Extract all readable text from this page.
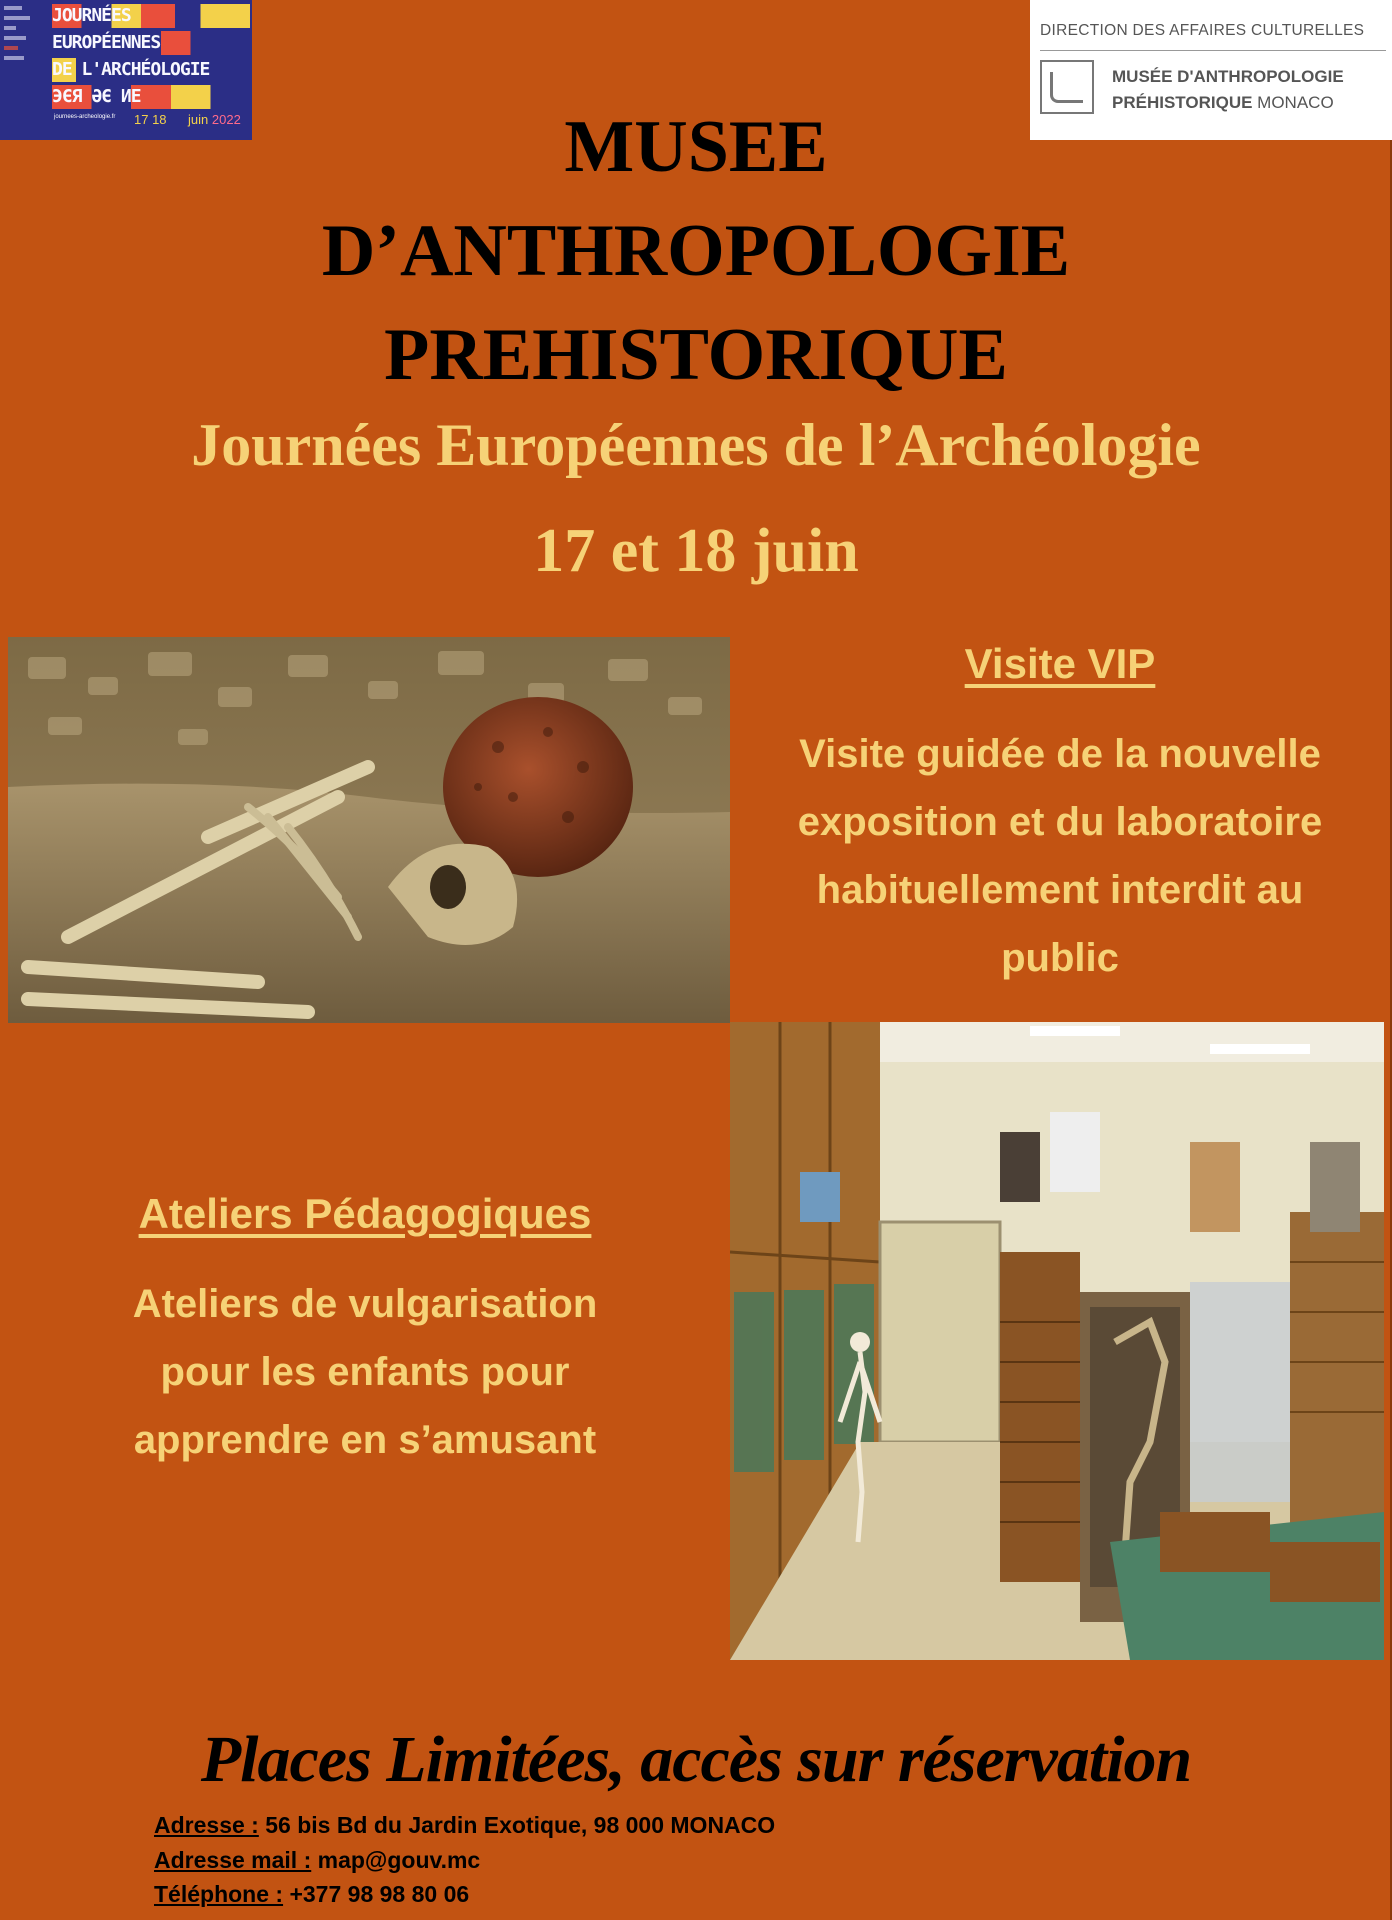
JOURNÉES
EUROPÉENNES
DE L'ARCHÉOLOGIE
ЭЄЯ ӘЄ ИЕ
journees-archeologie.fr 17 18 juin 2022
DIRECTION DES AFFAIRES CULTURELLES
MUSÉE D'ANTHROPOLOGIE
PRÉHISTORIQUE MONACO
MUSEE
D’ANTHROPOLOGIE
PREHISTORIQUE
Journées Européennes de l’Archéologie
17 et 18 juin
Visite VIP
Visite guidée de la nouvelle
exposition et du laboratoire
habituellement interdit au
public
Ateliers Pédagogiques
Ateliers de vulgarisation
pour les enfants pour
apprendre en s’amusant
Places Limitées, accès sur réservation
Adresse : 56 bis Bd du Jardin Exotique, 98 000 MONACO
Adresse mail : map@gouv.mc
Téléphone : +377 98 98 80 06
